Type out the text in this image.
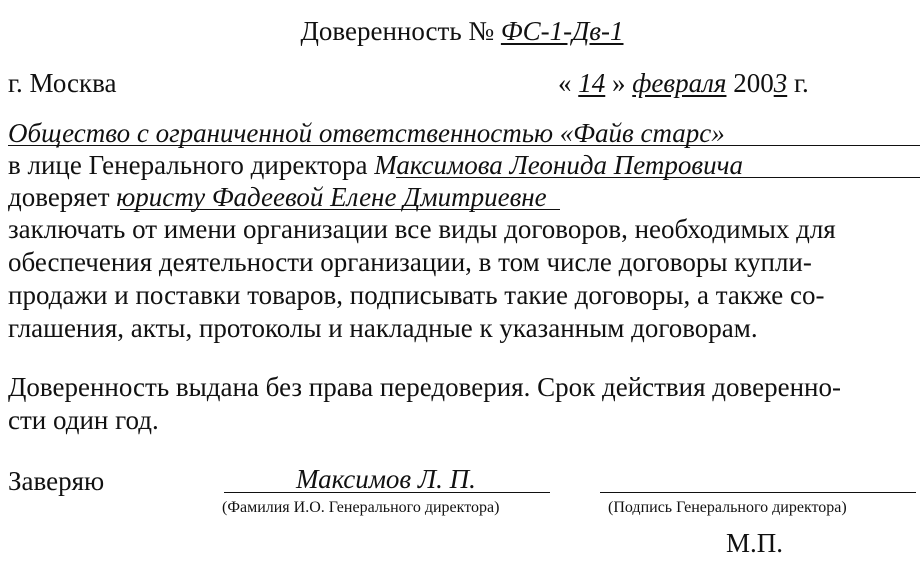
Доверенность № ФС-1-Дв-1
г. Москва	« 14 » февраля 2003 г.
Общество с ограниченной ответственностью «Файв старс»
в лице Генерального директора Максимова Леонида Петровича
доверяет юристу Фадеевой Елене Дмитриевне
заключать от имени организации все виды договоров, необходимых для
обеспечения деятельности организации, в том числе договоры купли-
продажи и поставки товаров, подписывать такие договоры, а также со-
глашения, акты, протоколы и накладные к указанным договорам.
Доверенность выдана без права передоверия. Срок действия доверенно-
сти один год.
Заверяю	Максимов Л. П.
(Фамилия И.О. Генерального директора)	(Подпись Генерального директора)
М.П.
